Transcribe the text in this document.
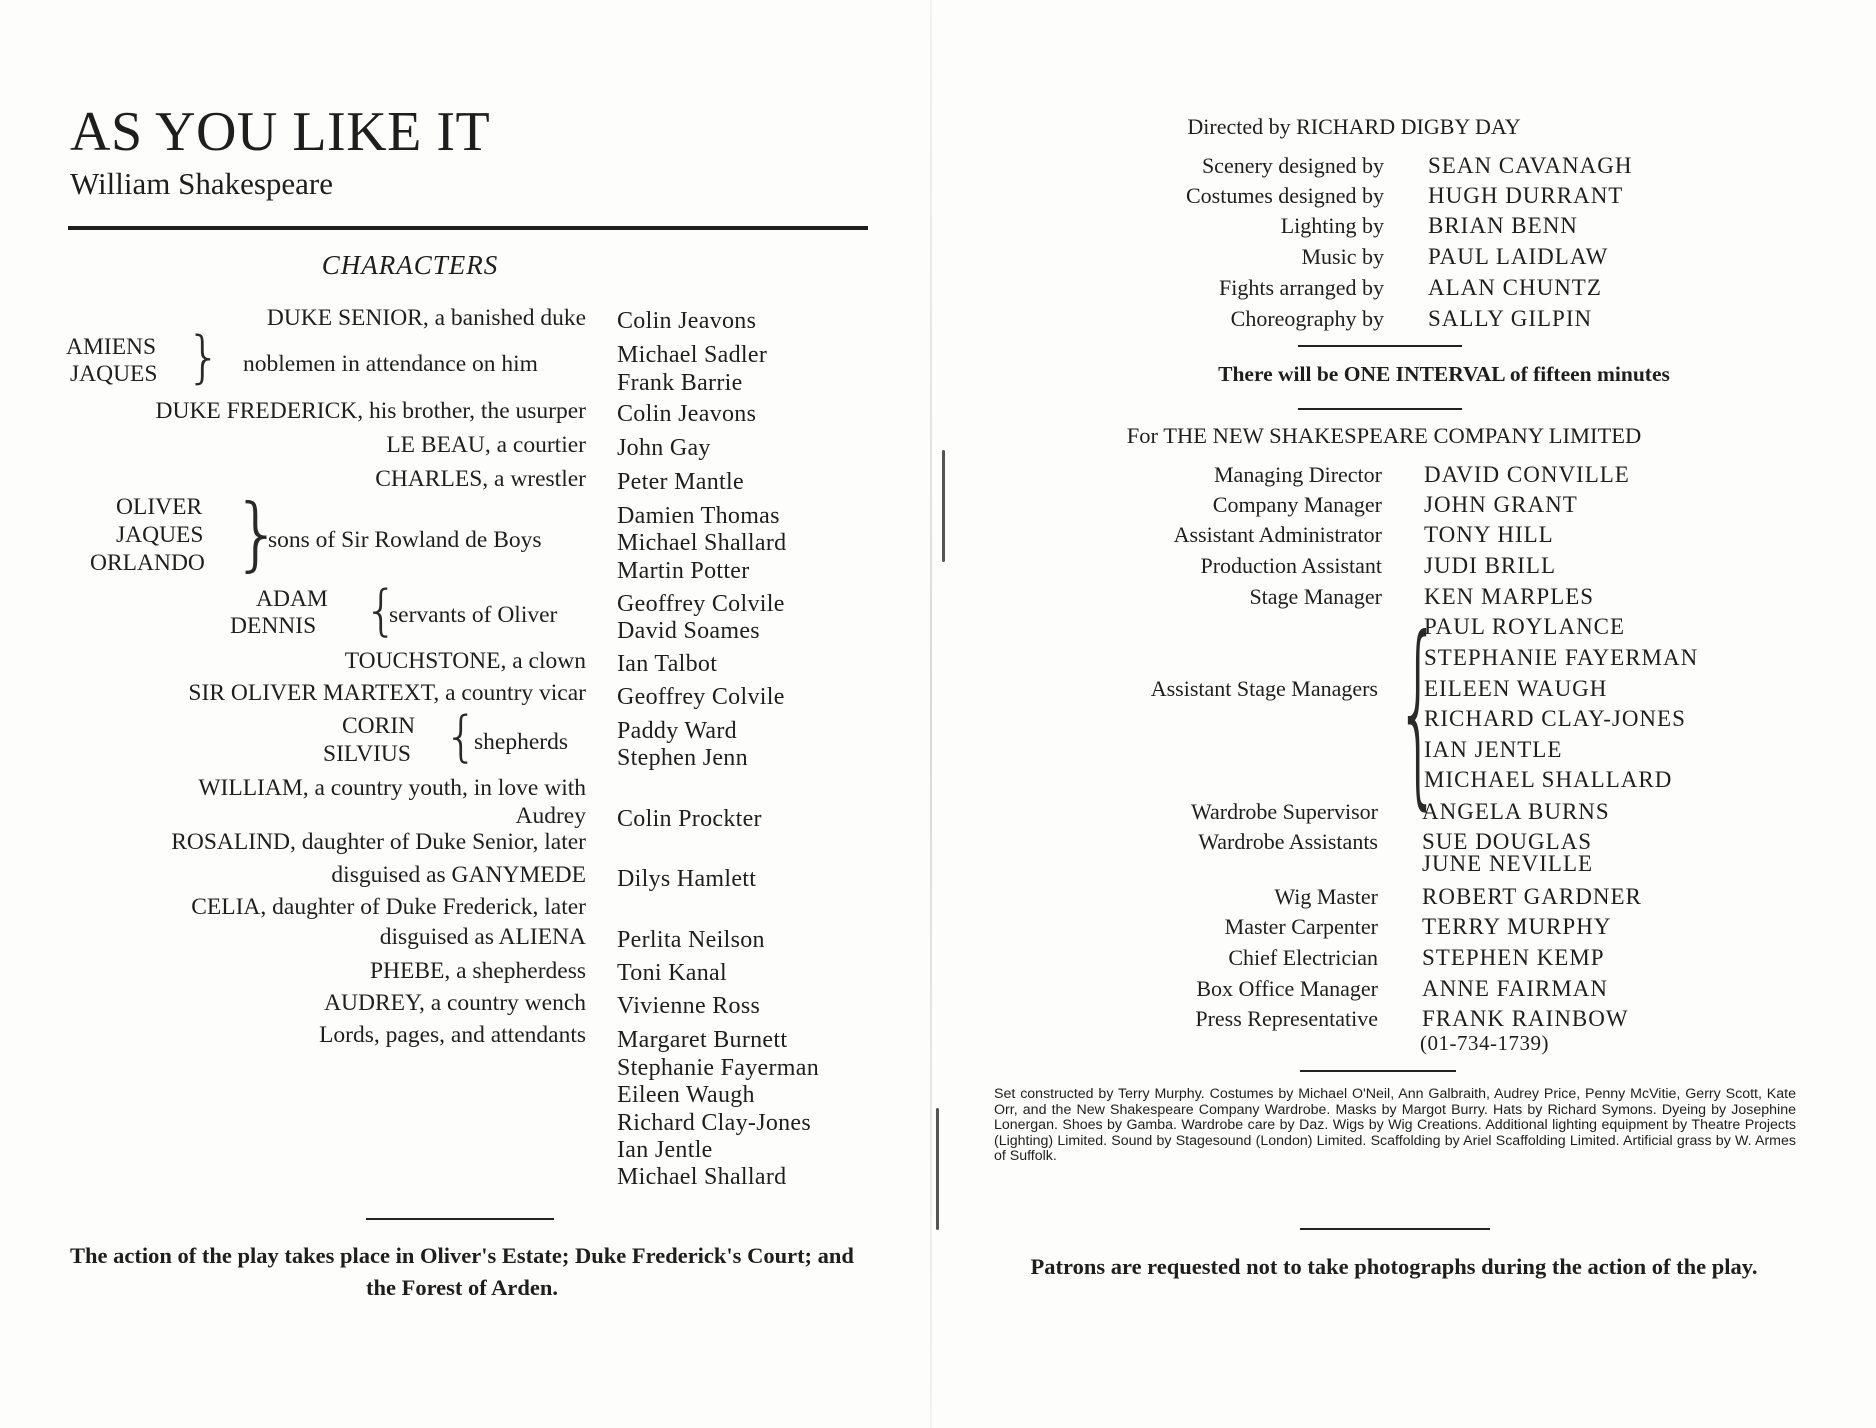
AS YOU LIKE IT
William Shakespeare
CHARACTERS
DUKE SENIOR, a banished duke Colin Jeavons
AMIENS
JAQUES } noblemen in attendance on him	Michael Sadler
Frank Barrie
DUKE FREDERICK, his brother, the usurper Colin Jeavons
LE BEAU, a courtier John Gay
CHARLES, a wrestler Peter Mantle
OLIVER
JAQUES
ORLANDO }
sons of Sir Rowland de Boys
Damien Thomas
Michael Shallard
Martin Potter
ADAM
DENNIS {
servants of Oliver Geoffrey Colvile
David Soames
TOUCHSTONE, a clown Ian Talbot
SIR OLIVER MARTEXT, a country vicar Geoffrey Colvile
CORIN
SILVIUS {
shepherds Paddy Ward
Stephen Jenn
WILLIAM, a country youth, in love with
Audrey Colin Prockter
ROSALIND, daughter of Duke Senior, later
disguised as GANYMEDE Dilys Hamlett
CELIA, daughter of Duke Frederick, later
disguised as ALIENA Perlita Neilson
PHEBE, a shepherdess Toni Kanal
AUDREY, a country wench Vivienne Ross
Lords, pages, and attendants Margaret Burnett
Stephanie Fayerman
Eileen Waugh
Richard Clay-Jones
Ian Jentle
Michael Shallard
The action of the play takes place in Oliver's Estate; Duke Frederick's Court; and the Forest of Arden.
Directed by RICHARD DIGBY DAY
Scenery designed by SEAN CAVANAGH
Costumes designed by HUGH DURRANT
Lighting by BRIAN BENN
Music by PAUL LAIDLAW
Fights arranged by ALAN CHUNTZ
Choreography by SALLY GILPIN
There will be ONE INTERVAL of fifteen minutes
For THE NEW SHAKESPEARE COMPANY LIMITED
Managing Director DAVID CONVILLE
Company Manager JOHN GRANT
Assistant Administrator TONY HILL
Production Assistant JUDI BRILL
Stage Manager KEN MARPLES
Assistant Stage Managers {
PAUL ROYLANCE
STEPHANIE FAYERMAN
EILEEN WAUGH
RICHARD CLAY-JONES
IAN JENTLE
MICHAEL SHALLARD
Wardrobe Supervisor ANGELA BURNS
Wardrobe Assistants SUE DOUGLAS
JUNE NEVILLE
Wig Master ROBERT GARDNER
Master Carpenter TERRY MURPHY
Chief Electrician STEPHEN KEMP
Box Office Manager ANNE FAIRMAN
Press Representative FRANK RAINBOW
(01-734-1739)
Set constructed by Terry Murphy. Costumes by Michael O'Neil, Ann Galbraith, Audrey Price, Penny McVitie, Gerry Scott, Kate Orr, and the New Shakespeare Company Wardrobe. Masks by Margot Burry. Hats by Richard Symons. Dyeing by Josephine Lonergan. Shoes by Gamba. Wardrobe care by Daz. Wigs by Wig Creations. Additional lighting equipment by Theatre Projects (Lighting) Limited. Sound by Stagesound (London) Limited. Scaffolding by Ariel Scaffolding Limited. Artificial grass by W. Armes of Suffolk.
Patrons are requested not to take photographs during the action of the play.
